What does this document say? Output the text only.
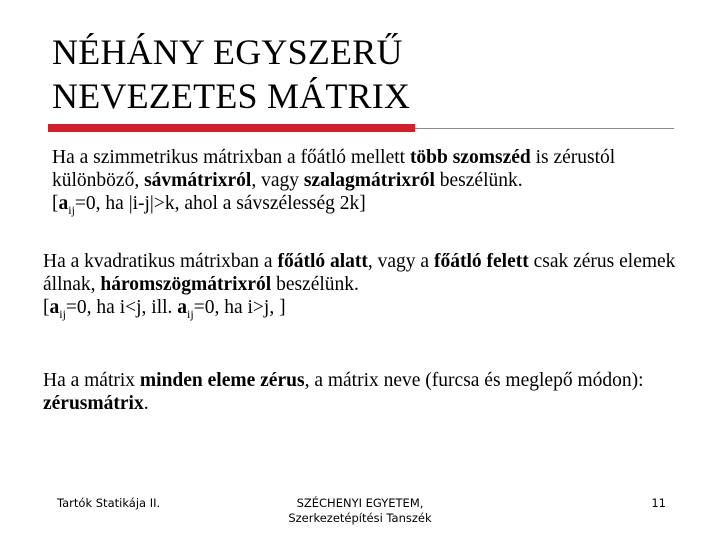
NÉHÁNY EGYSZERŰ
NEVEZETES MÁTRIX
Ha a szimmetrikus mátrixban a főátló mellett több szomszéd is zérustól különböző, sávmátrixról, vagy szalagmátrixról beszélünk.
[$a_{ij}=0$, ha |i-j|>k, ahol a sávszélesség 2k]
Ha a kvadratikus mátrixban a főátló alatt, vagy a főátló felett csak zérus elemek állnak, háromszögmátrixról beszélünk.
[$a_{ij}=0$, ha i<j, ill. $a_{ij}=0$, ha i>j, ]
Ha a mátrix minden eleme zérus, a mátrix neve (furcsa és meglepő módon): zérusmátrix.
Tartók Statikája II.	SZÉCHENYI EGYETEM,
Szerkezetépítési Tanszék
11
